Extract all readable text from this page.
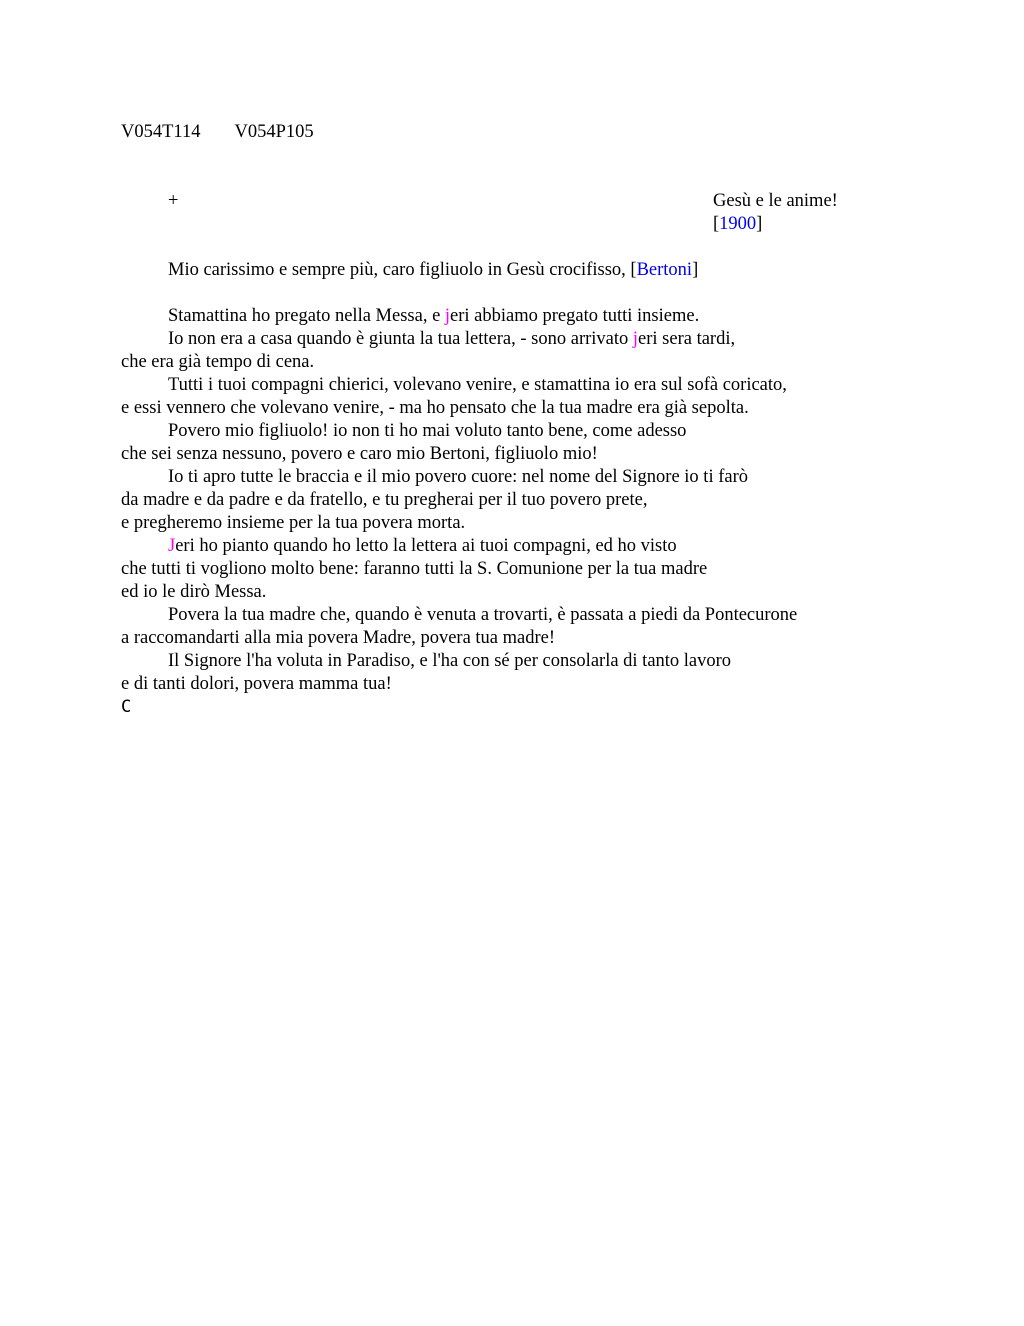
V054T114 V054P105
+	Gesù e le anime!
[1900]
Mio carissimo e sempre più, caro figliuolo in Gesù crocifisso, [Bertoni]
Stamattina ho pregato nella Messa, e jeri abbiamo pregato tutti insieme.
Io non era a casa quando è giunta la tua lettera, - sono arrivato jeri sera tardi,
che era già tempo di cena.
Tutti i tuoi compagni chierici, volevano venire, e stamattina io era sul sofà coricato,
e essi vennero che volevano venire, - ma ho pensato che la tua madre era già sepolta.
Povero mio figliuolo! io non ti ho mai voluto tanto bene, come adesso
che sei senza nessuno, povero e caro mio Bertoni, figliuolo mio!
Io ti apro tutte le braccia e il mio povero cuore: nel nome del Signore io ti farò
da madre e da padre e da fratello, e tu pregherai per il tuo povero prete,
e pregheremo insieme per la tua povera morta.
Jeri ho pianto quando ho letto la lettera ai tuoi compagni, ed ho visto
che tutti ti vogliono molto bene: faranno tutti la S. Comunione per la tua madre
ed io le dirò Messa.
Povera la tua madre che, quando è venuta a trovarti, è passata a piedi da Pontecurone
a raccomandarti alla mia povera Madre, povera tua madre!
Il Signore l'ha voluta in Paradiso, e l'ha con sé per consolarla di tanto lavoro
e di tanti dolori, povera mamma tua!
C
